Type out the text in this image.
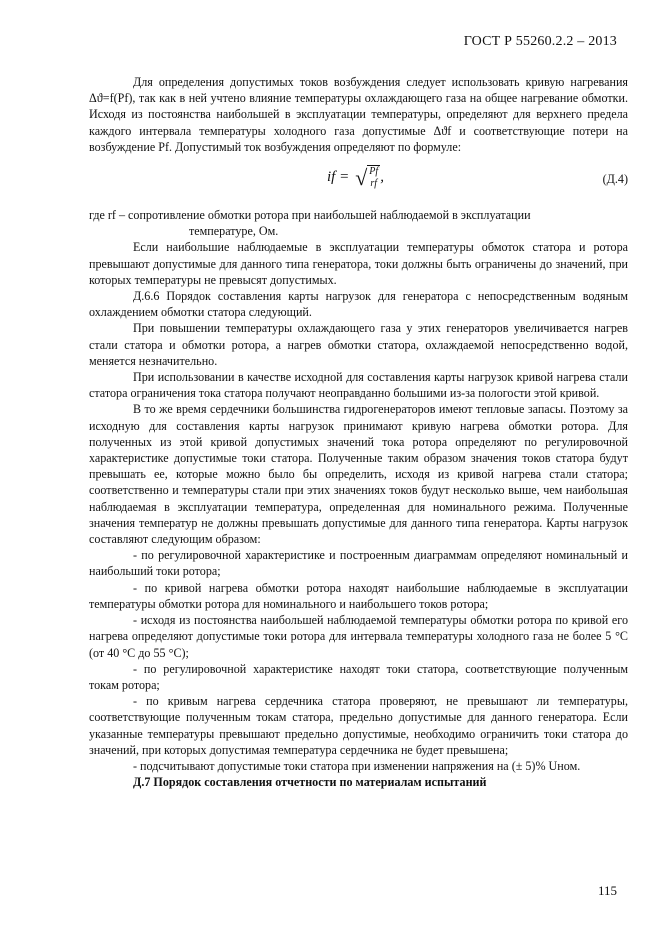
ГОСТ Р 55260.2.2 – 2013

Для определения допустимых токов возбуждения следует использовать кривую нагревания Δϑ=f(Pf), так как в ней учтено влияние температуры охлаждающего газа на общее нагревание обмотки. Исходя из постоянства наибольшей в эксплуатации температуры, определяют для верхнего предела каждого интервала температуры холодного газа допустимые Δϑf и соответствующие потери на возбуждение Pf. Допустимый ток возбуждения определяют по формуле:

if = √ Pf
rf ,	(Д.4)

где rf – сопротивление обмотки ротора при наибольшей наблюдаемой в эксплуатации

температуре, Ом.

Если наибольшие наблюдаемые в эксплуатации температуры обмоток статора и ротора превышают допустимые для данного типа генератора, токи должны быть ограничены до значений, при которых температуры не превысят допустимых.

Д.6.6 Порядок составления карты нагрузок для генератора с непосредственным водяным охлаждением обмотки статора следующий.

При повышении температуры охлаждающего газа у этих генераторов увеличивается нагрев стали статора и обмотки ротора, а нагрев обмотки статора, охлаждаемой непосредственно водой, меняется незначительно.

При использовании в качестве исходной для составления карты нагрузок кривой нагрева стали статора ограничения тока статора получают неоправданно большими из-за пологости этой кривой.

В то же время сердечники большинства гидрогенераторов имеют тепловые запасы. Поэтому за исходную для составления карты нагрузок принимают кривую нагрева обмотки ротора. Для полученных из этой кривой допустимых значений тока ротора определяют по регулировочной характеристике допустимые токи статора. Полученные таким образом значения токов статора будут превышать ее, которые можно было бы определить, исходя из кривой нагрева стали статора; соответственно и температуры стали при этих значениях токов будут несколько выше, чем наибольшая наблюдаемая в эксплуатации температура, определенная для номинального режима. Полученные значения температур не должны превышать допустимые для данного типа генератора. Карты нагрузок составляют следующим образом:

- по регулировочной характеристике и построенным диаграммам определяют номинальный и наибольший токи ротора;

- по кривой нагрева обмотки ротора находят наибольшие наблюдаемые в эксплуатации температуры обмотки ротора для номинального и наибольшего токов ротора;

- исходя из постоянства наибольшей наблюдаемой температуры обмотки ротора по кривой его нагрева определяют допустимые токи ротора для интервала температуры холодного газа не более 5 °С (от 40 °С до 55 °С);

- по регулировочной характеристике находят токи статора, соответствующие полученным токам ротора;

- по кривым нагрева сердечника статора проверяют, не превышают ли температуры, соответствующие полученным токам статора, предельно допустимые для данного генератора. Если указанные температуры превышают предельно допустимые, необходимо ограничить токи статора до значений, при которых допустимая температура сердечника не будет превышена;

- подсчитывают допустимые токи статора при изменении напряжения на (± 5)% Uном.

Д.7 Порядок составления отчетности по материалам испытаний

115
